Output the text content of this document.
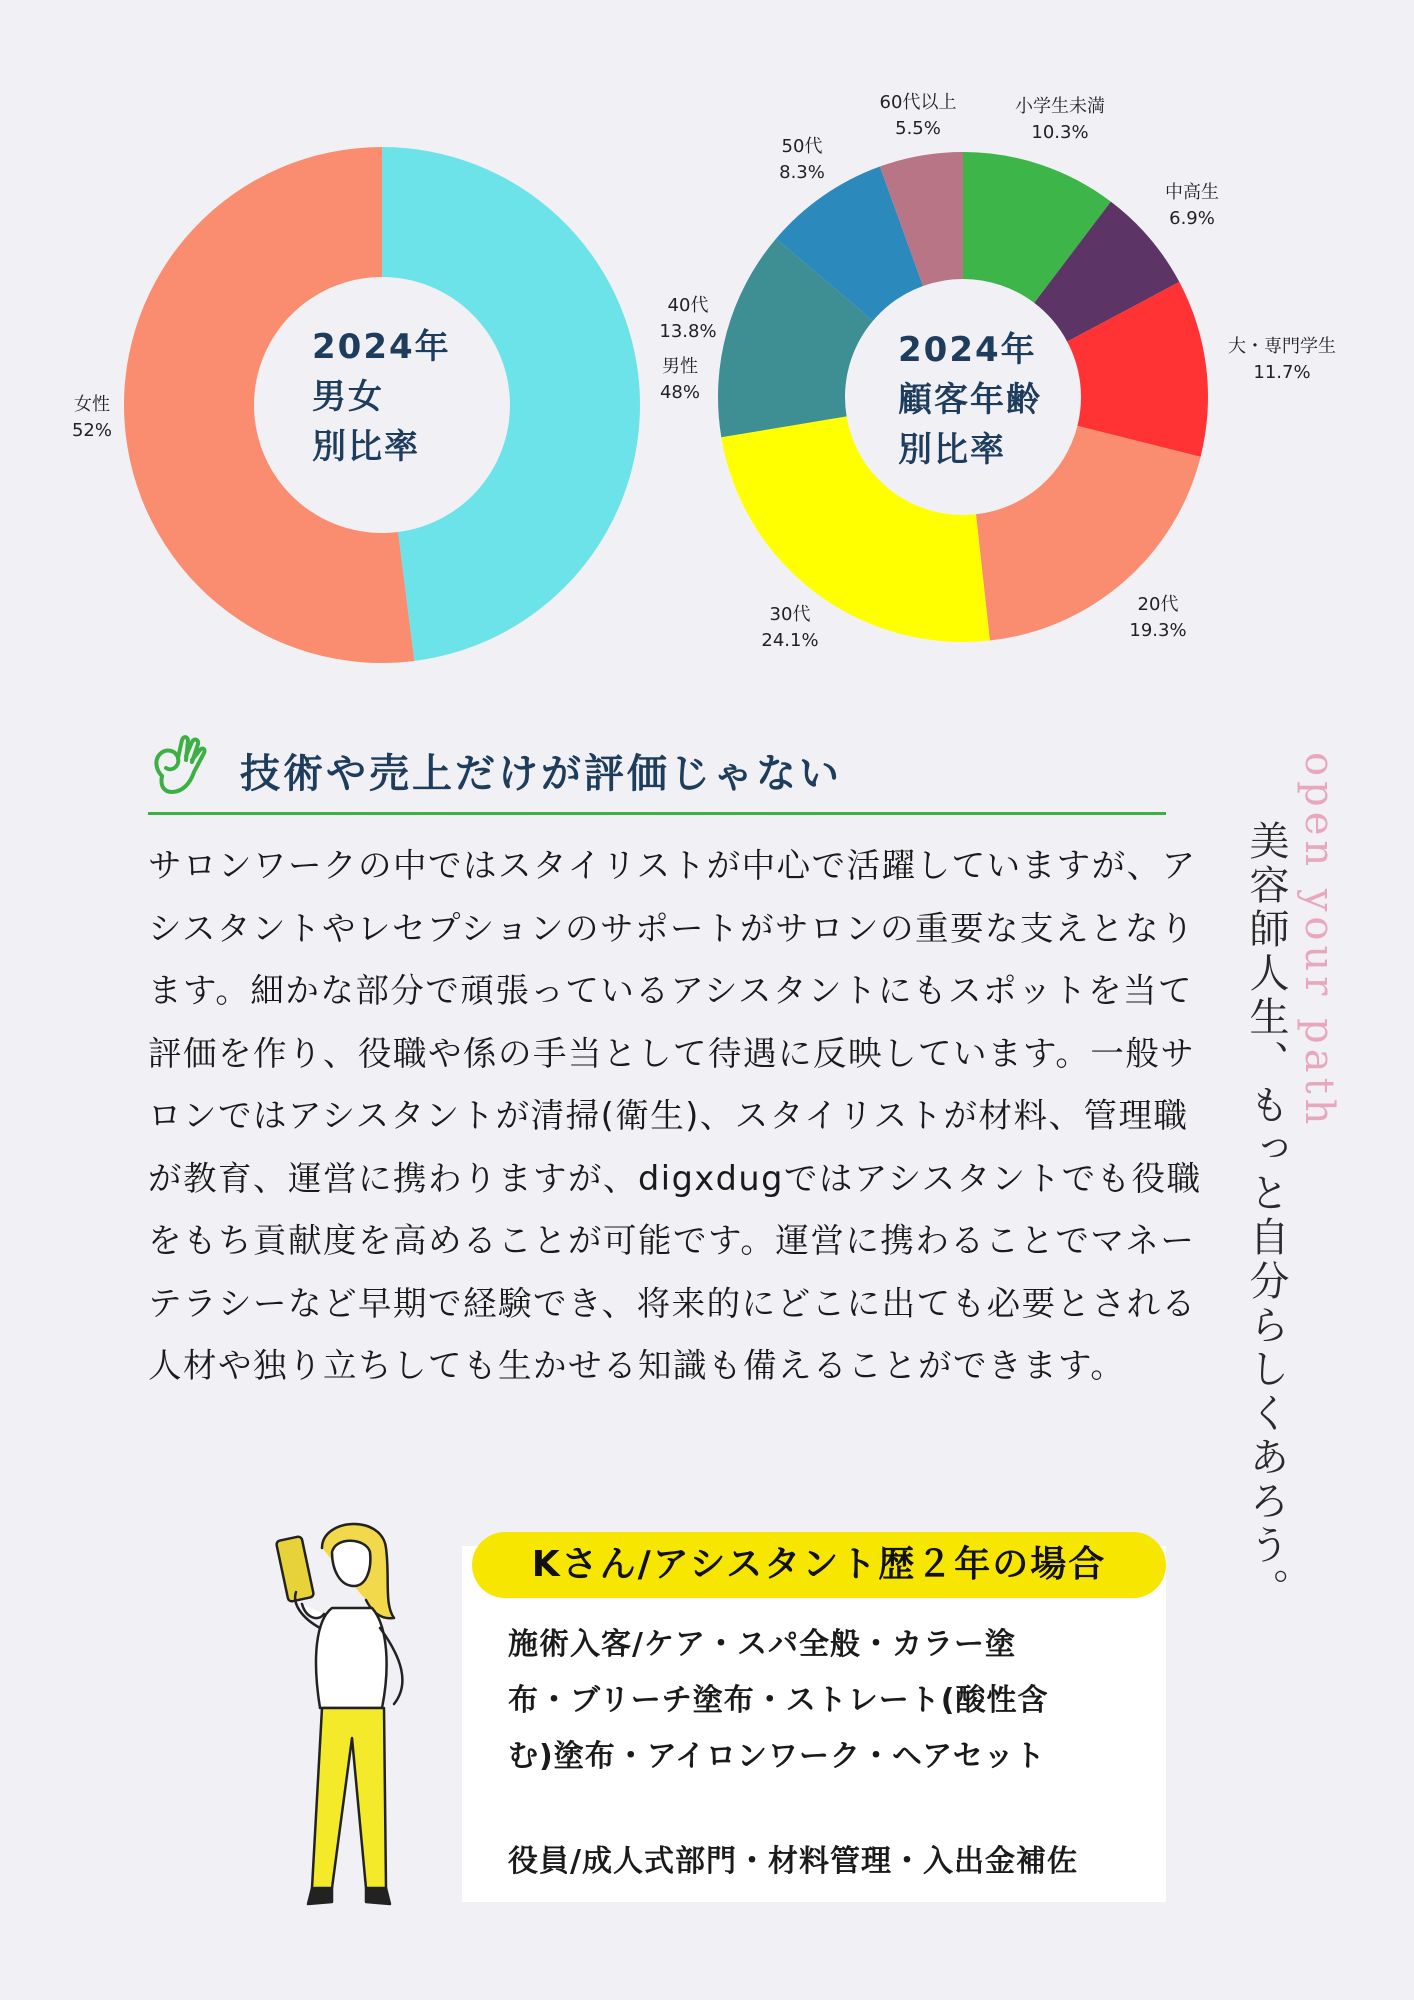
男性
48%
女性
52%
小学生未満
10.3%
中高生
6.9%
大・専門学生
11.7%
20代
19.3%
30代
24.1%
40代
13.8%
50代
8.3%
60代以上
5.5%
2024年
男女
別比率
2024年
顧客年齢
別比率
技術や売上だけが評価じゃない
サロンワークの中ではスタイリストが中心で活躍していますが、アシスタントやレセプションのサポートがサロンの重要な支えとなります。細かな部分で頑張っているアシスタントにもスポットを当て評価を作り、役職や係の手当として待遇に反映しています。一般サロンではアシスタントが清掃(衛生)、スタイリストが材料、管理職が教育、運営に携わりますが、digxdugではアシスタントでも役職をもち貢献度を高めることが可能です。運営に携わることでマネーテラシーなど早期で経験でき、将来的にどこに出ても必要とされる人材や独り立ちしても生かせる知識も備えることができます。
open your path
美容師人生、もっと自分らしくあろう。
Kさん/アシスタント歴２年の場合
施術入客/ケア・スパ全般・カラー塗
布・ブリーチ塗布・ストレート(酸性含
む)塗布・アイロンワーク・ヘアセット
役員/成人式部門・材料管理・入出金補佐
